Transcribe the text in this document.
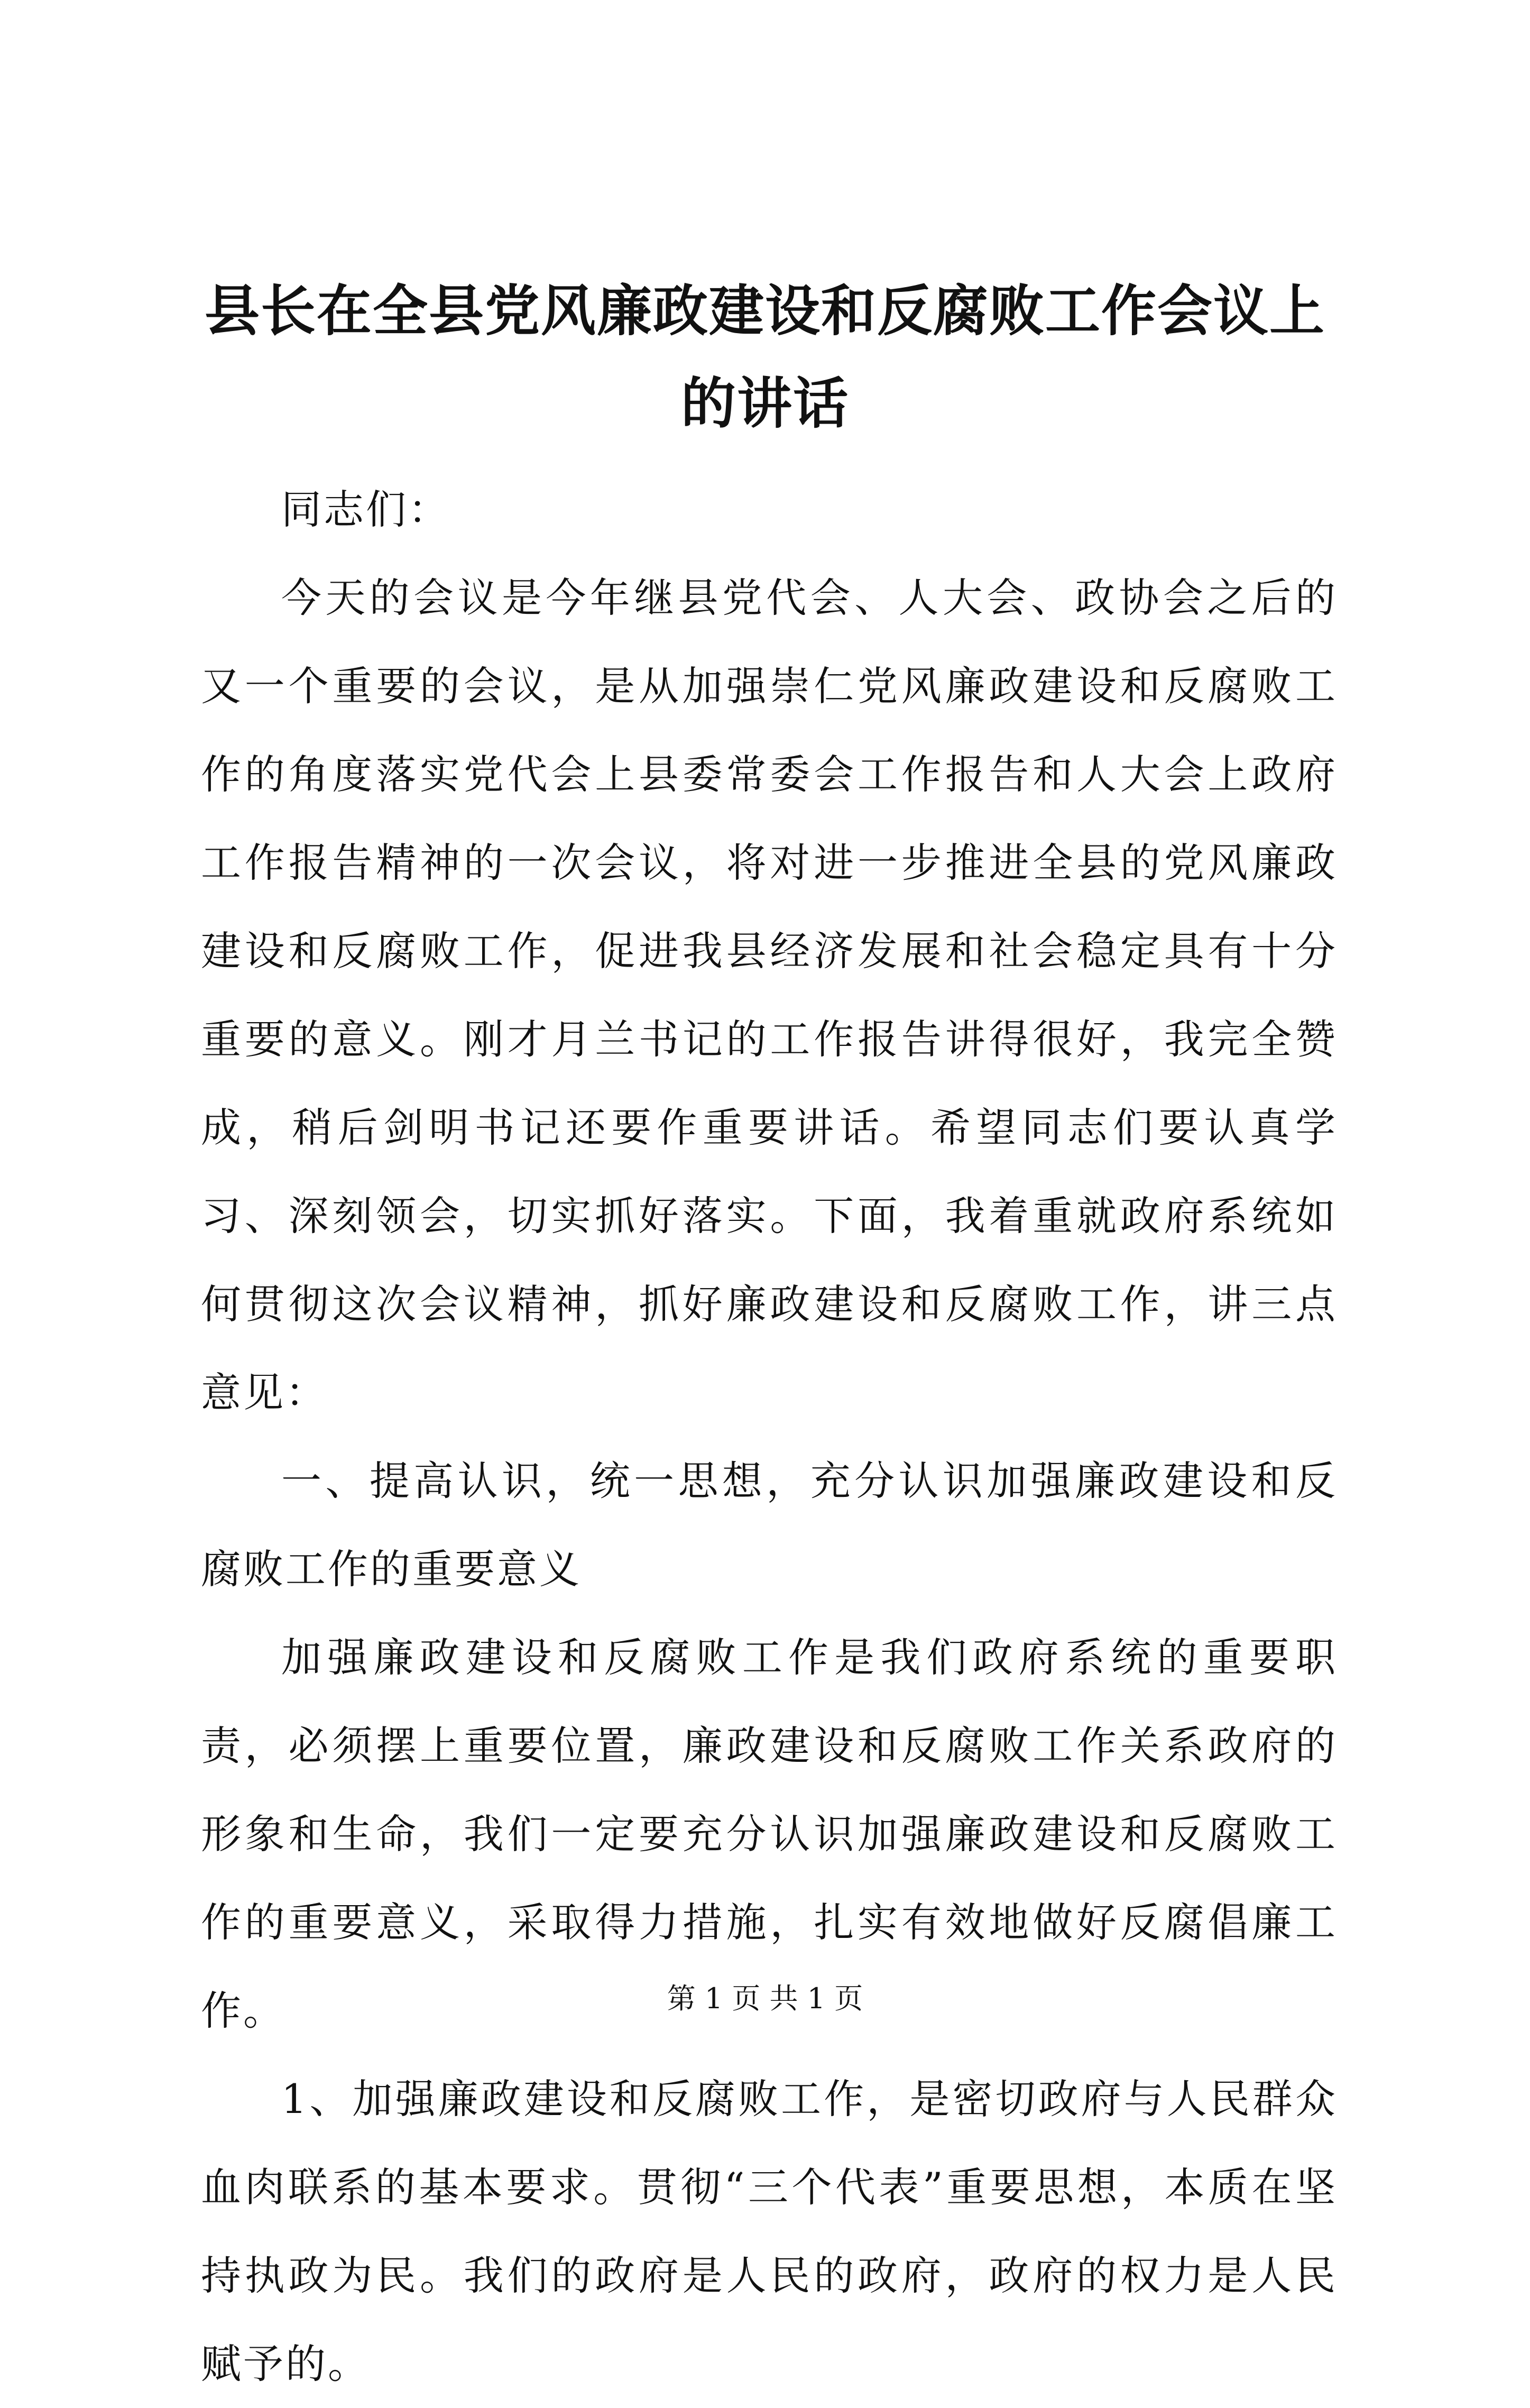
县长在全县党风廉政建设和反腐败工作会议上的讲话

同志们：

今天的会议是今年继县党代会、人大会、政协会之后的又一个重要的会议，是从加强崇仁党风廉政建设和反腐败工作的角度落实党代会上县委常委会工作报告和人大会上政府工作报告精神的一次会议，将对进一步推进全县的党风廉政建设和反腐败工作，促进我县经济发展和社会稳定具有十分重要的意义。刚才月兰书记的工作报告讲得很好，我完全赞成，稍后剑明书记还要作重要讲话。希望同志们要认真学习、深刻领会，切实抓好落实。下面，我着重就政府系统如何贯彻这次会议精神，抓好廉政建设和反腐败工作，讲三点意见：

一、提高认识，统一思想，充分认识加强廉政建设和反腐败工作的重要意义

加强廉政建设和反腐败工作是我们政府系统的重要职责，必须摆上重要位置，廉政建设和反腐败工作关系政府的形象和生命，我们一定要充分认识加强廉政建设和反腐败工作的重要意义，采取得力措施，扎实有效地做好反腐倡廉工作。

1、加强廉政建设和反腐败工作，是密切政府与人民群众血肉联系的基本要求。贯彻“三个代表”重要思想，本质在坚持执政为民。我们的政府是人民的政府，政府的权力是人民赋予的。

第 1 页 共 1 页
